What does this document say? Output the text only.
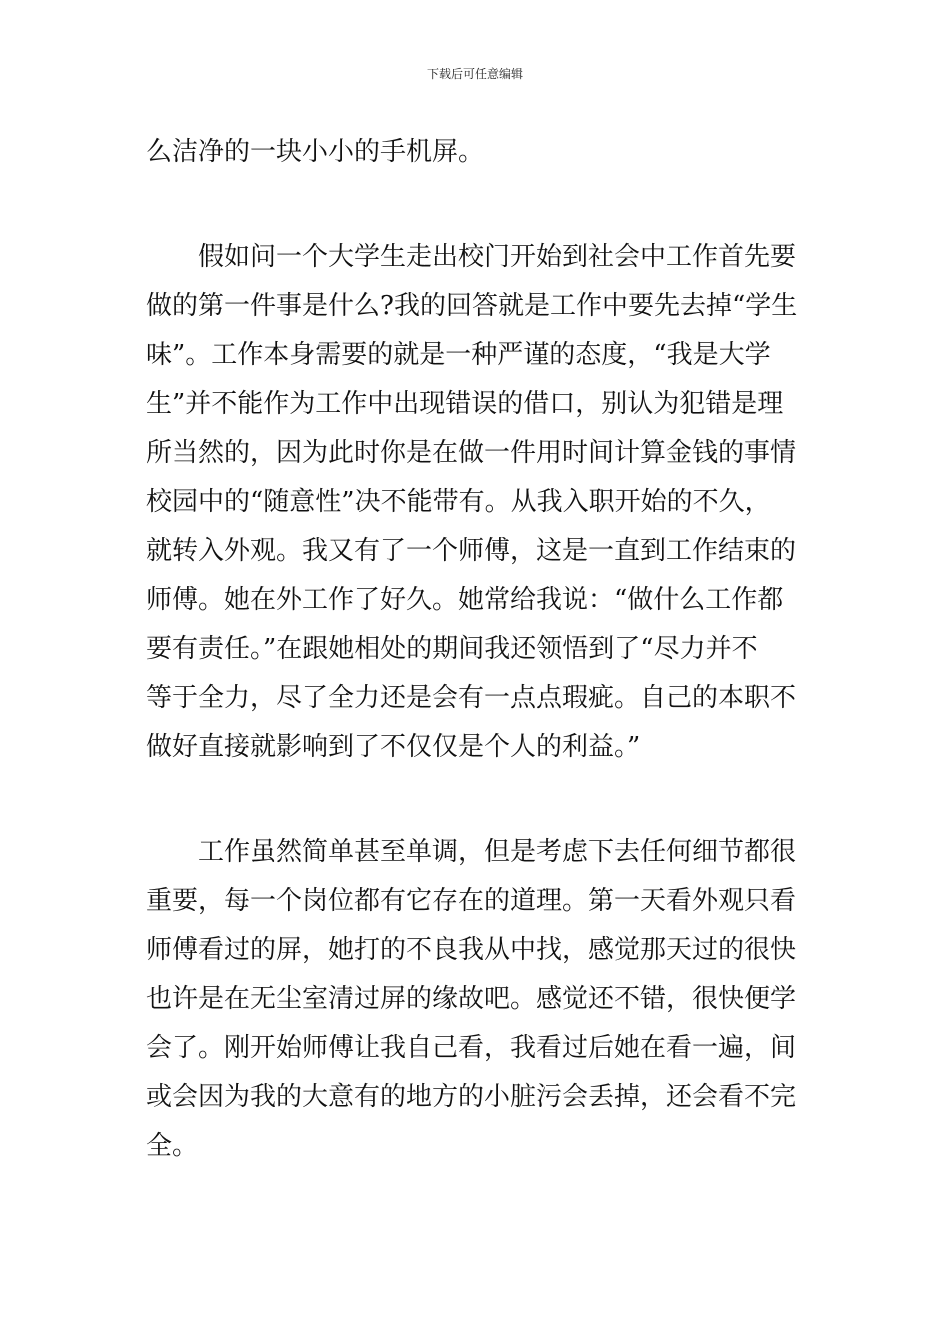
下载后可任意编辑
么洁净的一块小小的手机屏。
假如问一个大学生走出校门开始到社会中工作首先要
做的第一件事是什么?我的回答就是工作中要先去掉“学生
味”。工作本身需要的就是一种严谨的态度，“我是大学
生”并不能作为工作中出现错误的借口，别认为犯错是理
所当然的，因为此时你是在做一件用时间计算金钱的事情
校园中的“随意性”决不能带有。从我入职开始的不久，
就转入外观。我又有了一个师傅，这是一直到工作结束的
师傅。她在外工作了好久。她常给我说：“做什么工作都
要有责任。”在跟她相处的期间我还领悟到了“尽力并不
等于全力，尽了全力还是会有一点点瑕疵。自己的本职不
做好直接就影响到了不仅仅是个人的利益。”
工作虽然简单甚至单调，但是考虑下去任何细节都很
重要，每一个岗位都有它存在的道理。第一天看外观只看
师傅看过的屏，她打的不良我从中找，感觉那天过的很快
也许是在无尘室清过屏的缘故吧。感觉还不错，很快便学
会了。刚开始师傅让我自己看，我看过后她在看一遍，间
或会因为我的大意有的地方的小脏污会丢掉，还会看不完
全。
